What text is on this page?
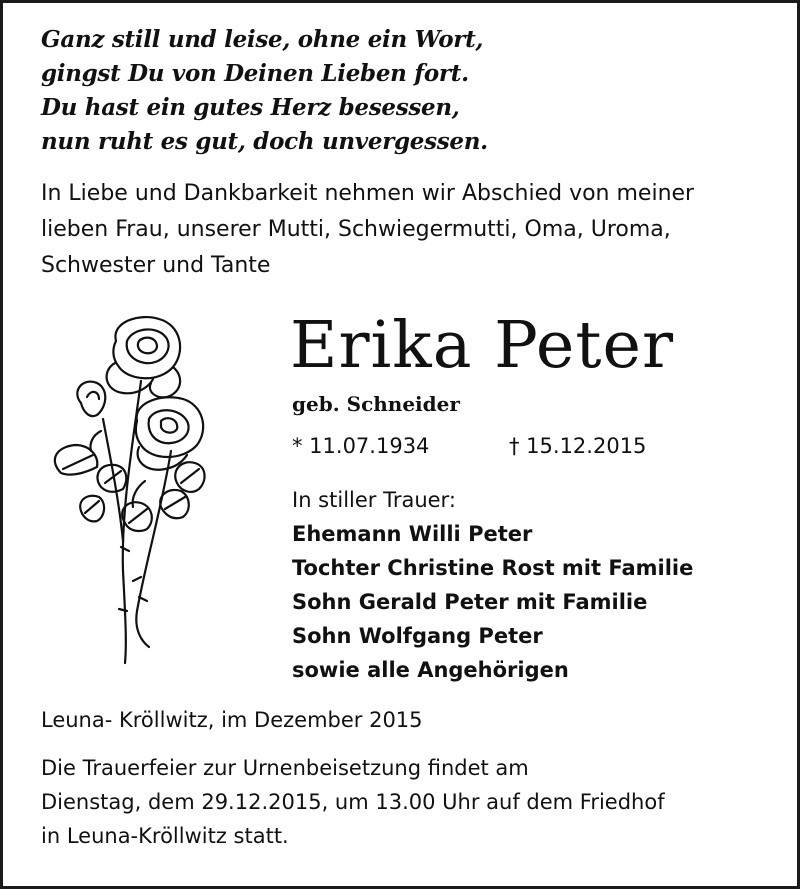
Ganz still und leise, ohne ein Wort,
gingst Du von Deinen Lieben fort.
Du hast ein gutes Herz besessen,
nun ruht es gut, doch unvergessen.
In Liebe und Dankbarkeit nehmen wir Abschied von meiner
lieben Frau, unserer Mutti, Schwiegermutti, Oma, Uroma,
Schwester und Tante
Erika Peter
geb. Schneider
* 11.07.1934	† 15.12.2015
In stiller Trauer:
Ehemann Willi Peter
Tochter Christine Rost mit Familie
Sohn Gerald Peter mit Familie
Sohn Wolfgang Peter
sowie alle Angehörigen
Leuna- Kröllwitz, im Dezember 2015
Die Trauerfeier zur Urnenbeisetzung findet am
Dienstag, dem 29.12.2015, um 13.00 Uhr auf dem Friedhof
in Leuna-Kröllwitz statt.
